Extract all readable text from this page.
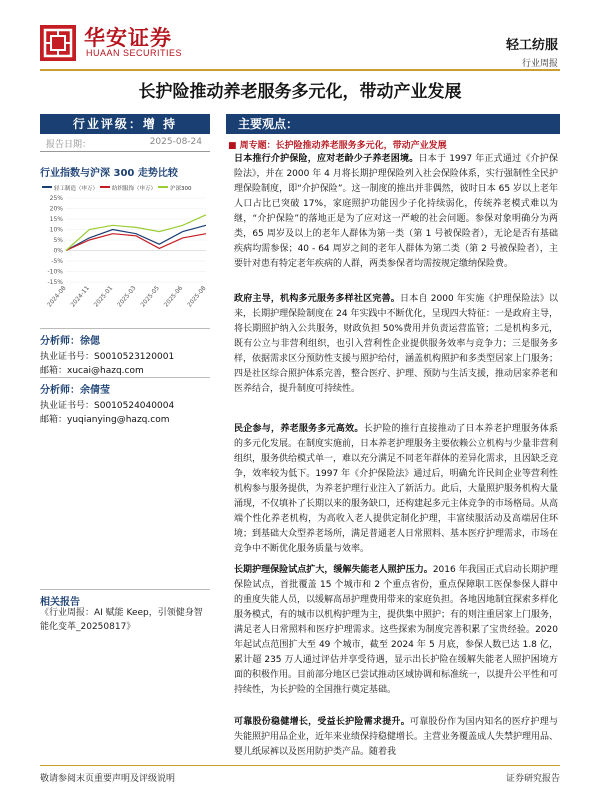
华安证券
HUAAN SECURITIES	轻工纺服
行业周报
长护险推动养老服务多元化，带动产业发展
行业评级：增 持
报告日期：	2025-08-24
行业指数与沪深 300 走势比较
轻工制造（申万）	纺织服饰（申万）	沪深300
25%
20%
15%
10%
5%
0%
-5%
-10%
-15%
2024-08 2024-11 2025-01 2025-03 2025-05 2025-06 2025-08
分析师：徐偲
执业证书号：S0010523120001
邮箱：xucai@hazq.com
分析师：余倩莹
执业证书号：S0010524040004
邮箱：yuqianying@hazq.com
相关报告
《行业周报：AI 赋能 Keep，引领健身智能化变革_20250817》
主要观点：
■ 周专题：长护险推动养老服务多元化，带动产业发展
日本推行介护保险，应对老龄少子养老困境。日本于 1997 年正式通过《介护保险法》，并在 2000 年 4 月将长期护理保险列入社会保险体系，实行强制性全民护理保险制度，即“介护保险”。这一制度的推出并非偶然，彼时日本 65 岁以上老年人口占比已突破 17%，家庭照护功能因少子化持续弱化，传统养老模式难以为继，“介护保险”的落地正是为了应对这一严峻的社会问题。参保对象明确分为两类，65 周岁及以上的老年人群体为第一类（第 1 号被保险者），无论是否有基础疾病均需参保；40 - 64 周岁之间的老年人群体为第二类（第 2 号被保险者），主要针对患有特定老年疾病的人群，两类参保者均需按规定缴纳保险费。
政府主导，机构多元服务多样社区完善。日本自 2000 年实施《护理保险法》以来，长期护理保险制度在 24 年实践中不断优化，呈现四大特征：一是政府主导，将长期照护纳入公共服务，财政负担 50%费用并负责运营监管；二是机构多元，既有公立与非营利组织，也引入营利性企业提供服务效率与竞争力；三是服务多样，依据需求区分预防性支援与照护给付，涵盖机构照护和多类型居家上门服务；四是社区综合照护体系完善，整合医疗、护理、预防与生活支援，推动居家养老和医养结合，提升制度可持续性。
民企参与，养老服务多元高效。长护险的推行直接推动了日本养老护理服务体系的多元化发展。在制度实施前，日本养老护理服务主要依赖公立机构与少量非营利组织，服务供给模式单一，难以充分满足不同老年群体的差异化需求，且因缺乏竞争，效率较为低下。1997 年《介护保险法》通过后，明确允许民间企业等营利性机构参与服务提供，为养老护理行业注入了新活力。此后，大量照护服务机构大量涌现，不仅填补了长期以来的服务缺口，还构建起多元主体竞争的市场格局。从高端个性化养老机构，为高收入老人提供定制化护理，丰富续服活动及高端居住环境；到基础大众型养老场所，满足普通老人日常照料、基本医疗护理需求，市场在竞争中不断优化服务质量与效率。
长期护理保险试点扩大，缓解失能老人照护压力。2016 年我国正式启动长期护理保险试点，首批覆盖 15 个城市和 2 个重点省份，重点保障职工医保参保人群中的重度失能人员，以缓解高昂护理费用带来的家庭负担。各地因地制宜探索多样化服务模式，有的城市以机构护理为主，提供集中照护；有的则注重居家上门服务，满足老人日常照料和医疗护理需求。这些探索为制度完善积累了宝贵经验。2020 年起试点范围扩大至 49 个城市，截至 2024 年 5 月底，参保人数已达 1.8 亿，累计超 235 万人通过评估并享受待遇，显示出长护险在缓解失能老人照护困境方面的积极作用。目前部分地区已尝试推动区域协调和标准统一，以提升公平性和可持续性，为长护险的全国推行奠定基础。
可靠股份稳健增长，受益长护险需求提升。可靠股份作为国内知名的医疗护理与失能照护用品企业，近年来业绩保持稳健增长。主营业务覆盖成人失禁护理用品、婴儿纸尿裤以及医用防护类产品。随着我
敬请参阅末页重要声明及评级说明	证券研究报告
